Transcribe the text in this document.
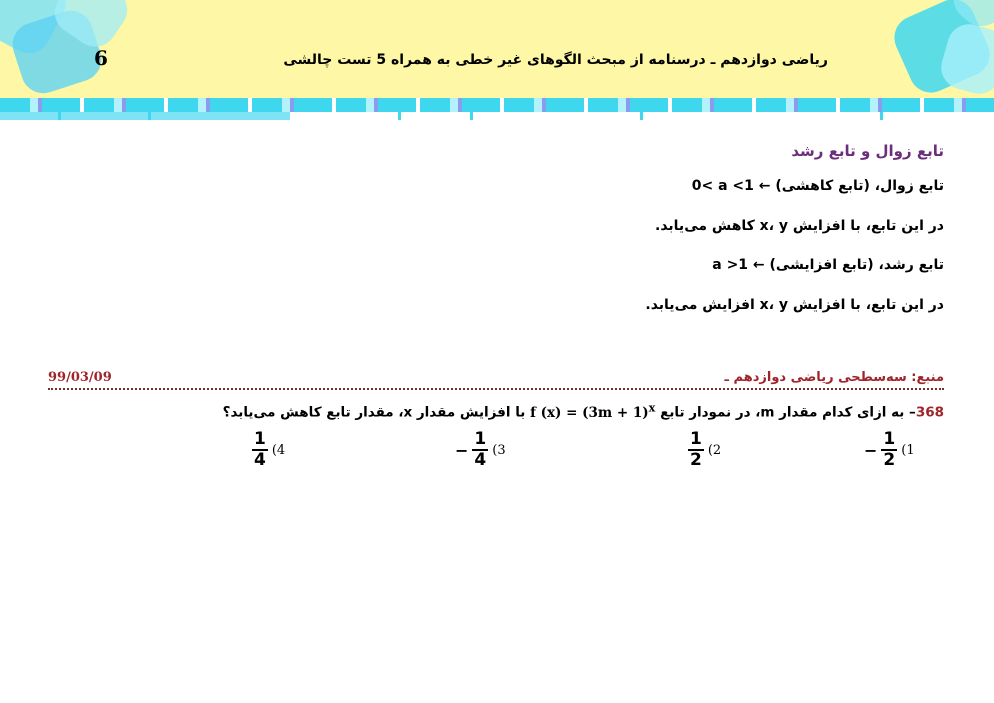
6	ریاضی دوازدهم ـ درسنامه از مبحث الگوهای غیر خطی به همراه 5 تست چالشی
تابع زوال و تابع رشد
تابع زوال، (تابع کاهشی) ← 0< a <1
در این تابع، با افزایش x، y کاهش می‌یابد.
تابع رشد، (تابع افزایشی) ← a >1
در این تابع، با افزایش x، y افزایش می‌یابد.
منبع: سه‌سطحی ریاضی دوازدهم ـ
99/03/09
368– به ازای کدام مقدار m، در نمودار تابع f $(x) = (3m + 1)^x$ با افزایش مقدار x، مقدار تابع کاهش می‌یابد؟
− $\frac{1}{2} (1$
$\frac{1}{2} (2$
− $\frac{1}{4} (3$
$\frac{1}{4} (4$
